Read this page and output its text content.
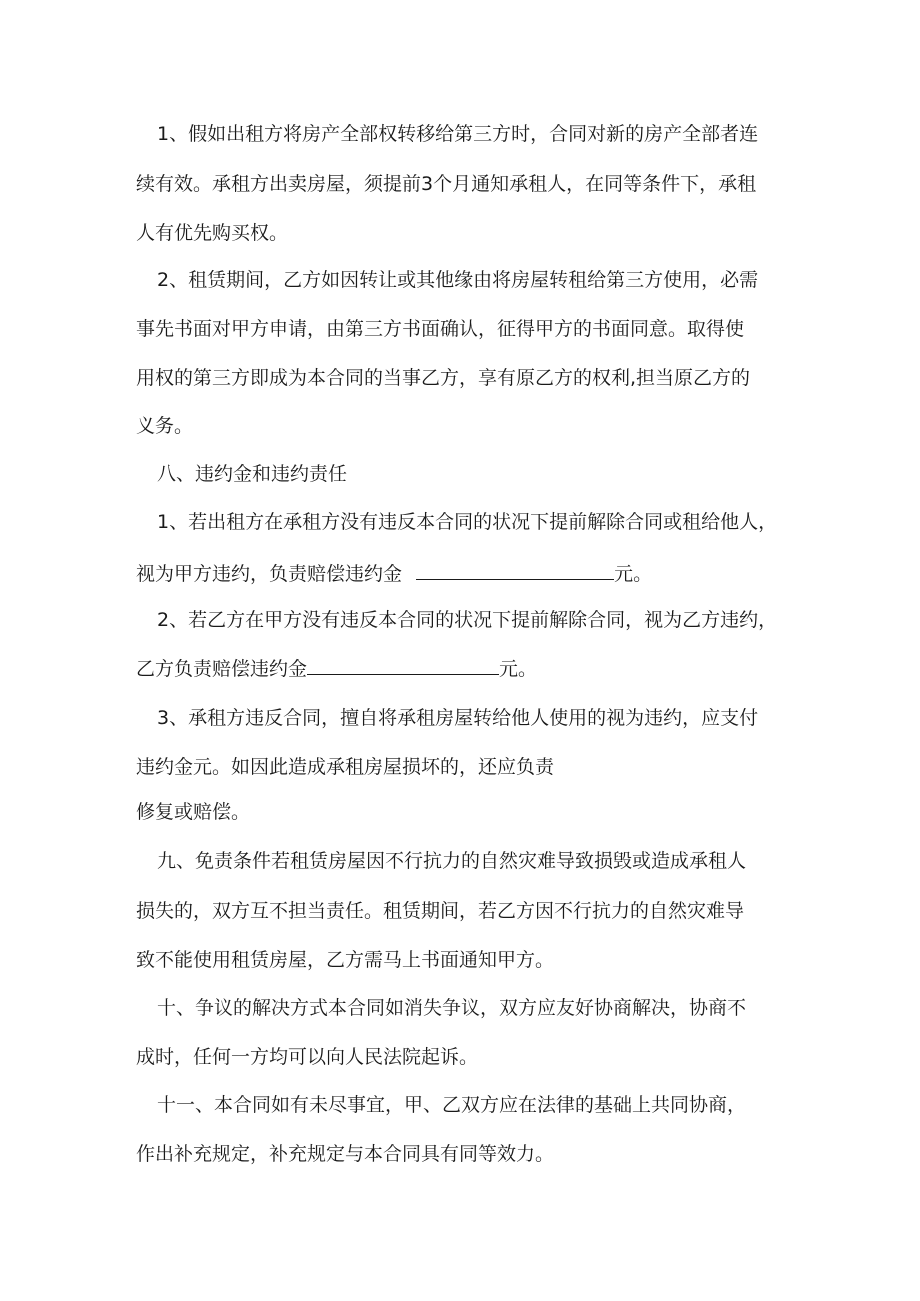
1、假如出租方将房产全部权转移给第三方时，合同对新的房产全部者连
续有效。承租方出卖房屋，须提前3个月通知承租人，在同等条件下，承租
人有优先购买权。
2、租赁期间，乙方如因转让或其他缘由将房屋转租给第三方使用，必需
事先书面对甲方申请，由第三方书面确认，征得甲方的书面同意。取得使
用权的第三方即成为本合同的当事乙方，享有原乙方的权利,担当原乙方的
义务。
八、违约金和违约责任
1、若出租方在承租方没有违反本合同的状况下提前解除合同或租给他人，
视为甲方违约，负责赔偿违约金	元。
2、若乙方在甲方没有违反本合同的状况下提前解除合同，视为乙方违约，
乙方负责赔偿违约金	元。
3、承租方违反合同，擅自将承租房屋转给他人使用的视为违约，应支付
违约金元。如因此造成承租房屋损坏的，还应负责
修复或赔偿。
九、免责条件若租赁房屋因不行抗力的自然灾难导致损毁或造成承租人
损失的，双方互不担当责任。租赁期间，若乙方因不行抗力的自然灾难导
致不能使用租赁房屋，乙方需马上书面通知甲方。
十、争议的解决方式本合同如消失争议，双方应友好协商解决，协商不
成时，任何一方均可以向人民法院起诉。
十一、本合同如有未尽事宜，甲、乙双方应在法律的基础上共同协商，
作出补充规定，补充规定与本合同具有同等效力。
